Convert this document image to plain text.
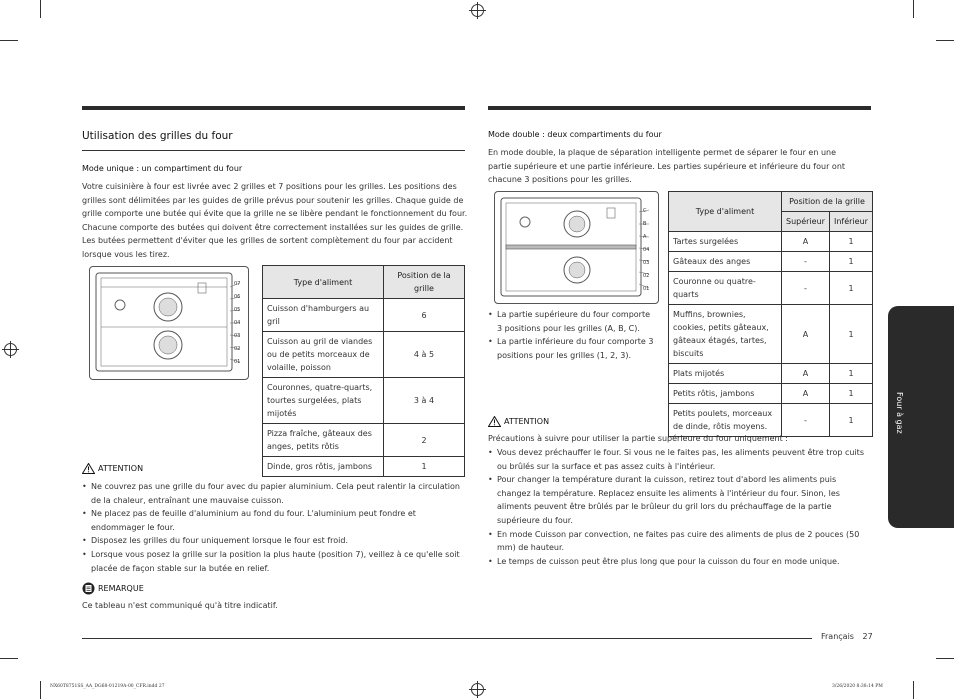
Utilisation des grilles du four
Mode unique : un compartiment du four
Votre cuisinière à four est livrée avec 2 grilles et 7 positions pour les grilles. Les positions des grilles sont délimitées par les guides de grille prévus pour soutenir les grilles. Chaque guide de grille comporte une butée qui évite que la grille ne se libère pendant le fonctionnement du four. Chacune comporte des butées qui doivent être correctement installées sur les guides de grille. Les butées permettent d'éviter que les grilles de sortent complètement du four par accident lorsque vous les tirez.
07
06
05
04
03
02
01
Type d'aliment	Position de la grille
Cuisson d'hamburgers au gril	6
Cuisson au gril de viandes ou de petits morceaux de volaille, poisson	4 à 5
Couronnes, quatre-quarts, tourtes surgelées, plats mijotés	3 à 4
Pizza fraîche, gâteaux des anges, petits rôtis	2
Dinde, gros rôtis, jambons	1
ATTENTION
• Ne couvrez pas une grille du four avec du papier aluminium. Cela peut ralentir la circulation de la chaleur, entraînant une mauvaise cuisson.
• Ne placez pas de feuille d'aluminium au fond du four. L'aluminium peut fondre et endommager le four.
• Disposez les grilles du four uniquement lorsque le four est froid.
• Lorsque vous posez la grille sur la position la plus haute (position 7), veillez à ce qu'elle soit placée de façon stable sur la butée en relief.
REMARQUE
Ce tableau n'est communiqué qu'à titre indicatif.
Mode double : deux compartiments du four
En mode double, la plaque de séparation intelligente permet de séparer le four en une partie supérieure et une partie inférieure. Les parties supérieure et inférieure du four ont chacune 3 positions pour les grilles.
C
B
A
04
03
02
01
• La partie supérieure du four comporte 3 positions pour les grilles (A, B, C).
• La partie inférieure du four comporte 3 positions pour les grilles (1, 2, 3).
Type d'aliment	Position de la grille	
	Supérieur	Inférieur
Tartes surgelées	A	1
Gâteaux des anges	-	1
Couronne ou quatre-quarts	-	1
Muffins, brownies, cookies, petits gâteaux, gâteaux étagés, tartes, biscuits	A	1
Plats mijotés	A	1
Petits rôtis, jambons	A	1
Petits poulets, morceaux de dinde, rôtis moyens.	-	1
ATTENTION
Précautions à suivre pour utiliser la partie supérieure du four uniquement :
• Vous devez préchauffer le four. Si vous ne le faites pas, les aliments peuvent être trop cuits ou brûlés sur la surface et pas assez cuits à l'intérieur.
• Pour changer la température durant la cuisson, retirez tout d'abord les aliments puis changez la température. Replacez ensuite les aliments à l'intérieur du four. Sinon, les aliments peuvent être brûlés par le brûleur du gril lors du préchauffage de la partie supérieure du four.
• En mode Cuisson par convection, ne faites pas cuire des aliments de plus de 2 pouces (50 mm) de hauteur.
• Le temps de cuisson peut être plus long que pour la cuisson du four en mode unique.
Four à gaz
Français 27
NX60T8751SS_AA_DG68-01219A-00_CFR.indd 27	3/26/2020 8:38:14 PM
